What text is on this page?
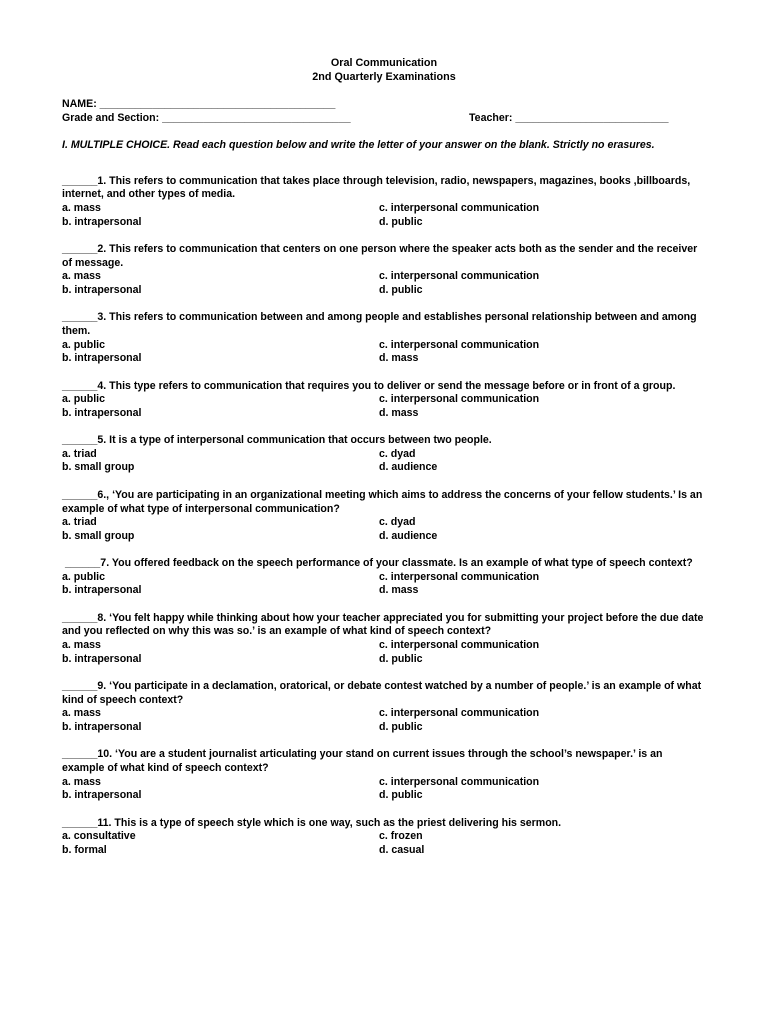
Oral Communication
2nd Quarterly Examinations
NAME: ________________________________________
Grade and Section: ________________________________	Teacher: __________________________
I. MULTIPLE CHOICE. Read each question below and write the letter of your answer on the blank. Strictly no erasures.
______1. This refers to communication that takes place through television, radio, newspapers, magazines, books ,billboards, internet, and other types of media.
a. mass	c. interpersonal communication
b. intrapersonal	d. public
______2. This refers to communication that centers on one person where the speaker acts both as the sender and the receiver of message.
a. mass	c. interpersonal communication
b. intrapersonal	d. public
______3. This refers to communication between and among people and establishes personal relationship between and among them.
a. public	c. interpersonal communication
b. intrapersonal	d. mass
______4. This type refers to communication that requires you to deliver or send the message before or in front of a group.
a. public	c. interpersonal communication
b. intrapersonal	d. mass
______5. It is a type of interpersonal communication that occurs between two people.
a. triad	c. dyad
b. small group	d. audience
______6., ‘You are participating in an organizational meeting which aims to address the concerns of your fellow students.’ Is an example of what type of interpersonal communication?
a. triad	c. dyad
b. small group	d. audience
______7. You offered feedback on the speech performance of your classmate. Is an example of what type of speech context?
a. public	c. interpersonal communication
b. intrapersonal	d. mass
______8. ‘You felt happy while thinking about how your teacher appreciated you for submitting your project before the due date and you reflected on why this was so.’ is an example of what kind of speech context?
a. mass	c. interpersonal communication
b. intrapersonal	d. public
______9. ‘You participate in a declamation, oratorical, or debate contest watched by a number of people.’ is an example of what kind of speech context?
a. mass	c. interpersonal communication
b. intrapersonal	d. public
______10. ‘You are a student journalist articulating your stand on current issues through the school’s newspaper.’ is an example of what kind of speech context?
a. mass	c. interpersonal communication
b. intrapersonal	d. public
______11. This is a type of speech style which is one way, such as the priest delivering his sermon.
a. consultative	c. frozen
b. formal	d. casual
